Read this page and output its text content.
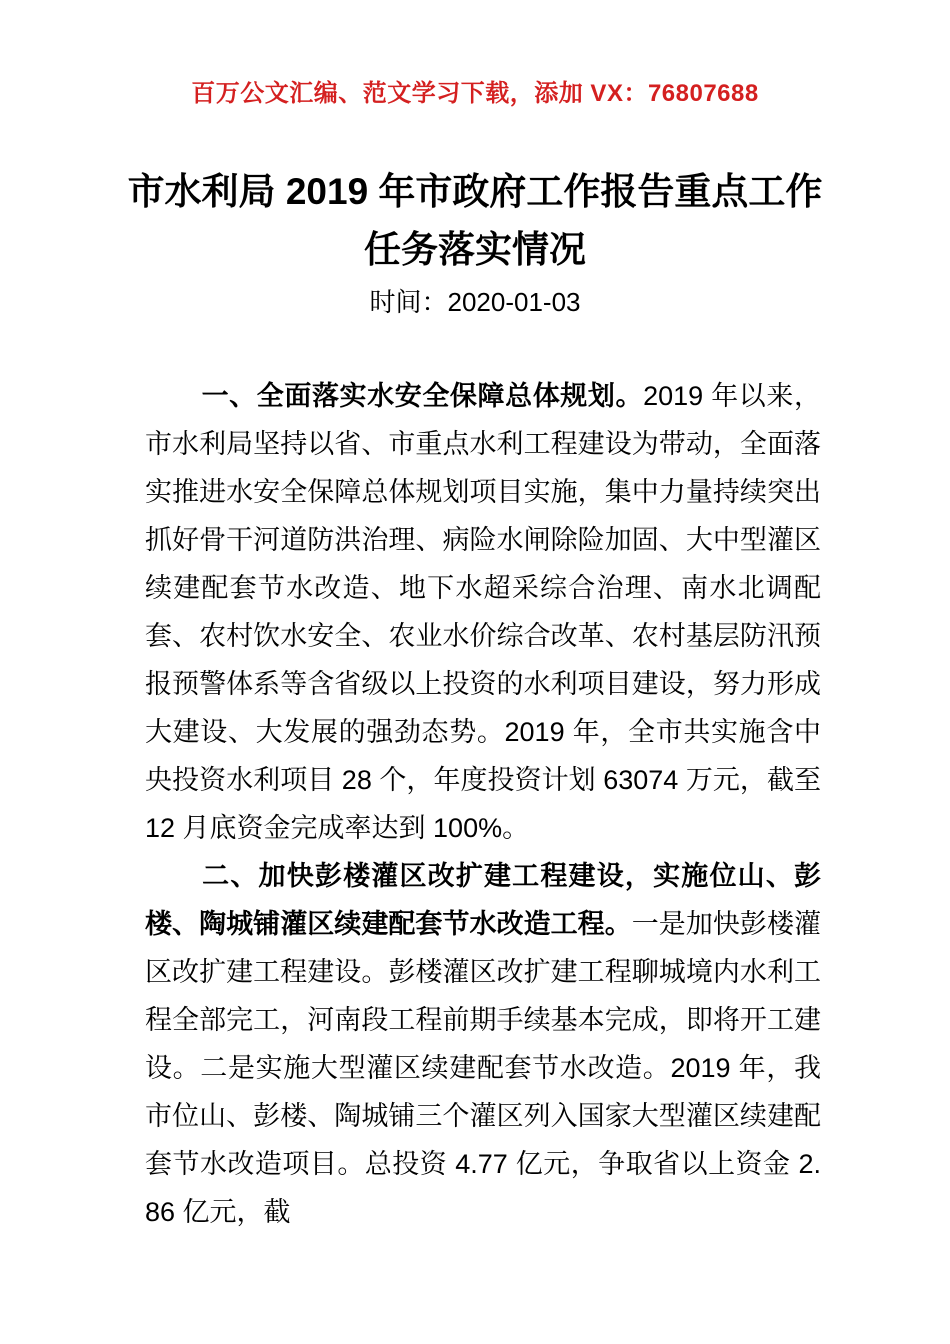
百万公文汇编、范文学习下载，添加 VX：76807688
市水利局 2019 年市政府工作报告重点工作
任务落实情况
时间：2020-01-03

一、全面落实水安全保障总体规划。2019 年以来，市水利局坚持以省、市重点水利工程建设为带动，全面落实推进水安全保障总体规划项目实施，集中力量持续突出抓好骨干河道防洪治理、病险水闸除险加固、大中型灌区续建配套节水改造、地下水超采综合治理、南水北调配套、农村饮水安全、农业水价综合改革、农村基层防汛预报预警体系等含省级以上投资的水利项目建设，努力形成大建设、大发展的强劲态势。2019 年，全市共实施含中央投资水利项目 28 个，年度投资计划 63074 万元，截至 12 月底资金完成率达到 100%。

二、加快彭楼灌区改扩建工程建设，实施位山、彭楼、陶城铺灌区续建配套节水改造工程。一是加快彭楼灌区改扩建工程建设。彭楼灌区改扩建工程聊城境内水利工程全部完工，河南段工程前期手续基本完成，即将开工建设。二是实施大型灌区续建配套节水改造。2019 年，我市位山、彭楼、陶城铺三个灌区列入国家大型灌区续建配套节水改造项目。总投资 4.77 亿元，争取省以上资金 2.86 亿元，截
